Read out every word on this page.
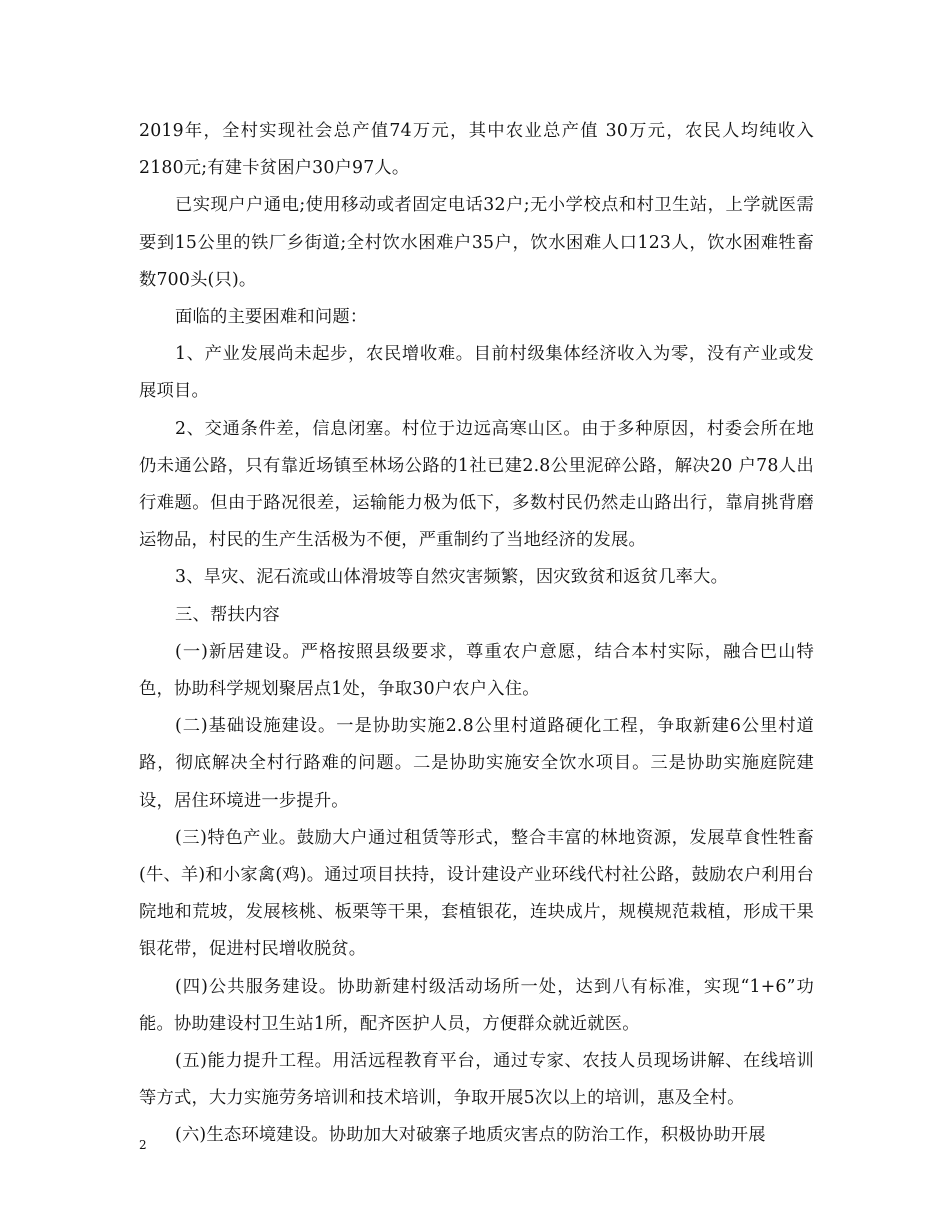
2019年，全村实现社会总产值74万元，其中农业总产值 30万元，农民人均纯收入2180元;有建卡贫困户30户97人。

已实现户户通电;使用移动或者固定电话32户;无小学校点和村卫生站，上学就医需要到15公里的铁厂乡街道;全村饮水困难户35户，饮水困难人口123人，饮水困难牲畜数700头(只)。

面临的主要困难和问题：

1、产业发展尚未起步，农民增收难。目前村级集体经济收入为零，没有产业或发展项目。

2、交通条件差，信息闭塞。村位于边远高寒山区。由于多种原因，村委会所在地仍未通公路，只有靠近场镇至林场公路的1社已建2.8公里泥碎公路，解决20 户78人出行难题。但由于路况很差，运输能力极为低下，多数村民仍然走山路出行，靠肩挑背磨运物品，村民的生产生活极为不便，严重制约了当地经济的发展。

3、旱灾、泥石流或山体滑坡等自然灾害频繁，因灾致贫和返贫几率大。

三、帮扶内容

(一)新居建设。严格按照县级要求，尊重农户意愿，结合本村实际，融合巴山特色，协助科学规划聚居点1处，争取30户农户入住。

(二)基础设施建设。一是协助实施2.8公里村道路硬化工程，争取新建6公里村道路，彻底解决全村行路难的问题。二是协助实施安全饮水项目。三是协助实施庭院建设，居住环境进一步提升。

(三)特色产业。鼓励大户通过租赁等形式，整合丰富的林地资源，发展草食性牲畜(牛、羊)和小家禽(鸡)。通过项目扶持，设计建设产业环线代村社公路，鼓励农户利用台院地和荒坡，发展核桃、板栗等干果，套植银花，连块成片，规模规范栽植，形成干果银花带，促进村民增收脱贫。

(四)公共服务建设。协助新建村级活动场所一处，达到八有标准，实现“1+6”功能。协助建设村卫生站1所，配齐医护人员，方便群众就近就医。

(五)能力提升工程。用活远程教育平台，通过专家、农技人员现场讲解、在线培训等方式，大力实施劳务培训和技术培训，争取开展5次以上的培训，惠及全村。

(六)生态环境建设。协助加大对破寨子地质灾害点的防治工作，积极协助开展

2
